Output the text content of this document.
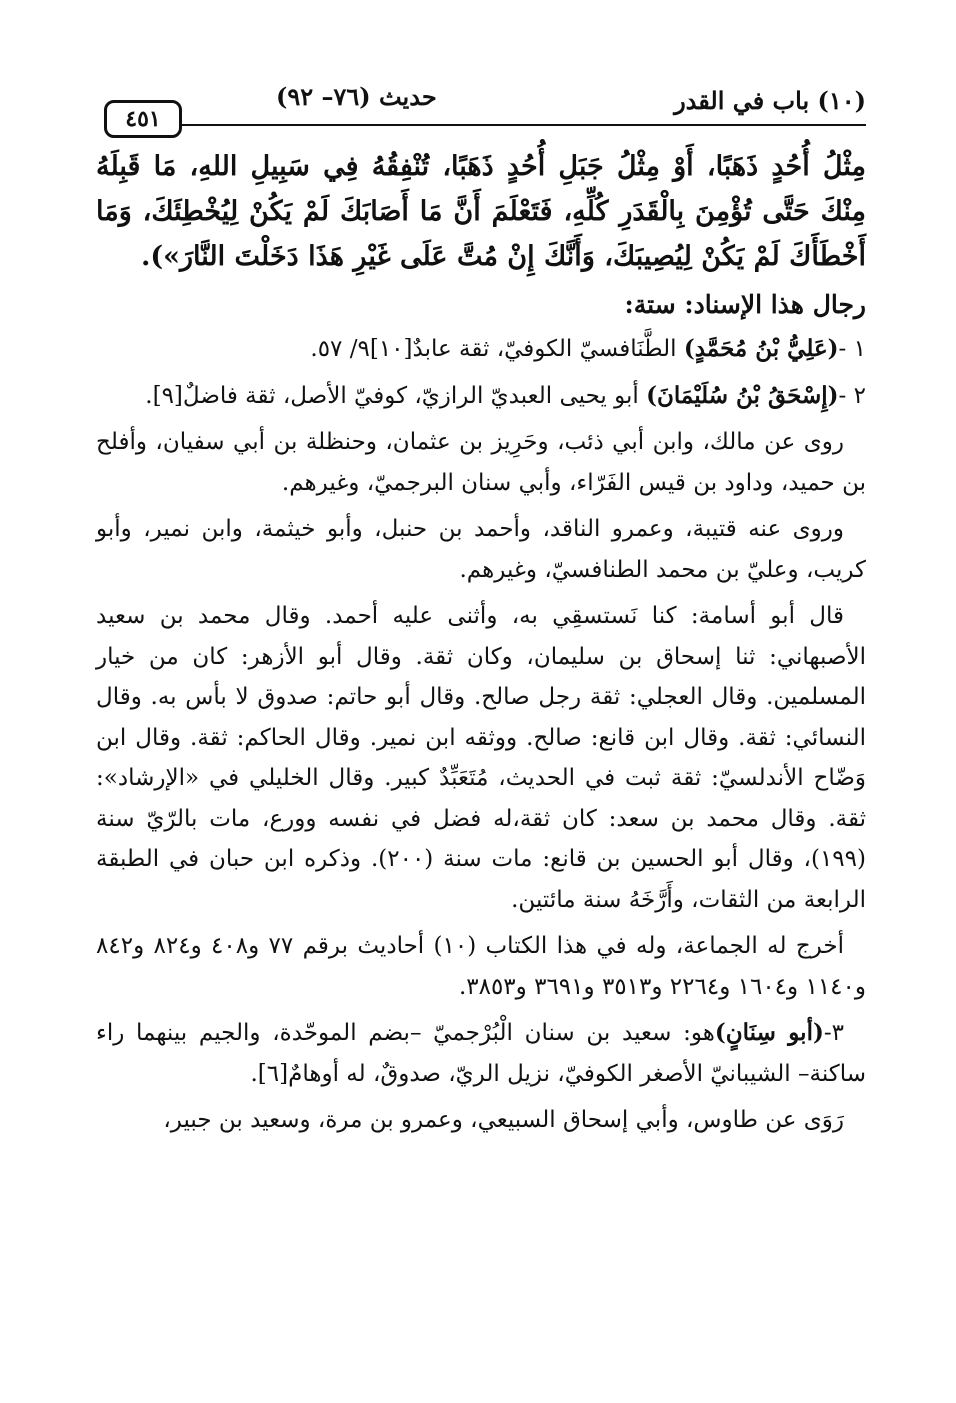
(١٠) باب في القدر
حديث (٧٦– ٩٢)
٤٥١

مِثْلُ أُحُدٍ ذَهَبًا، أَوْ مِثْلُ جَبَلِ أُحُدٍ ذَهَبًا، تُنْفِقُهُ فِي سَبِيلِ اللهِ، مَا قَبِلَهُ مِنْكَ حَتَّى تُؤْمِنَ بِالْقَدَرِ كُلِّهِ، فَتَعْلَمَ أَنَّ مَا أَصَابَكَ لَمْ يَكُنْ لِيُخْطِئَكَ، وَمَا أَخْطَأَكَ لَمْ يَكُنْ لِيُصِيبَكَ، وَأَنَّكَ إِنْ مُتَّ عَلَى غَيْرِ هَذَا دَخَلْتَ النَّارَ»).

رجال هذا الإسناد: ستة:

١ -(عَلِيُّ بْنُ مُحَمَّدٍ) الطَّنَافسيّ الكوفيّ، ثقة عابدٌ[١٠]٩/ ٥٧.

٢ -(إِسْحَقُ بْنُ سُلَيْمَانَ) أبو يحيى العبديّ الرازيّ، كوفيّ الأصل، ثقة فاضلٌ[٩].

روى عن مالك، وابن أبي ذئب، وحَرِيز بن عثمان، وحنظلة بن أبي سفيان، وأفلح بن حميد، وداود بن قيس الفَرّاء، وأبي سنان البرجميّ، وغيرهم.

وروى عنه قتيبة، وعمرو الناقد، وأحمد بن حنبل، وأبو خيثمة، وابن نمير، وأبو كريب، وعليّ بن محمد الطنافسيّ، وغيرهم.

قال أبو أسامة: كنا نَستسقِي به، وأثنى عليه أحمد. وقال محمد بن سعيد الأصبهاني: ثنا إسحاق بن سليمان، وكان ثقة. وقال أبو الأزهر: كان من خيار المسلمين. وقال العجلي: ثقة رجل صالح. وقال أبو حاتم: صدوق لا بأس به. وقال النسائي: ثقة. وقال ابن قانع: صالح. ووثقه ابن نمير. وقال الحاكم: ثقة. وقال ابن وَضّاح الأندلسيّ: ثقة ثبت في الحديث، مُتَعَبِّدٌ كبير. وقال الخليلي في «الإرشاد»: ثقة. وقال محمد بن سعد: كان ثقة،له فضل في نفسه وورع، مات بالرّيّ سنة (١٩٩)، وقال أبو الحسين بن قانع: مات سنة (٢٠٠). وذكره ابن حبان في الطبقة الرابعة من الثقات، وأَرَّخَهُ سنة مائتين.

أخرج له الجماعة، وله في هذا الكتاب (١٠) أحاديث برقم ٧٧ و٤٠٨ و٨٢٤ و٨٤٢ و١١٤٠ و١٦٠٤ و٢٢٦٤ و٣٥١٣ و٣٦٩١ و٣٨٥٣.

٣-(أبو سِنَانٍ)هو: سعيد بن سنان الْبُرْجميّ –بضم الموحّدة، والجيم بينهما راء ساكنة– الشيبانيّ الأصغر الكوفيّ، نزيل الريّ، صدوقٌ، له أوهامٌ[٦].

رَوَى عن طاوس، وأبي إسحاق السبيعي، وعمرو بن مرة، وسعيد بن جبير،
